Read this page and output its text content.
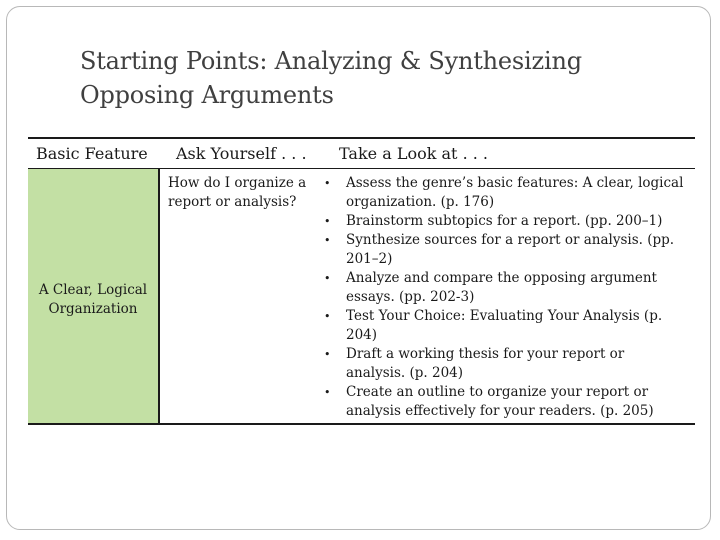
Starting Points: Analyzing & Synthesizing
Opposing Arguments
Basic Feature	Ask Yourself . . .	Take a Look at . . .
A Clear, Logical
Organization
How do I organize a report or analysis?
• Assess the genre’s basic features: A clear, logical organization. (p. 176)
• Brainstorm subtopics for a report. (pp. 200–1)
• Synthesize sources for a report or analysis. (pp. 201–2)
• Analyze and compare the opposing argument essays. (pp. 202-3)
• Test Your Choice: Evaluating Your Analysis (p. 204)
• Draft a working thesis for your report or analysis. (p. 204)
• Create an outline to organize your report or analysis effectively for your readers. (p. 205)
